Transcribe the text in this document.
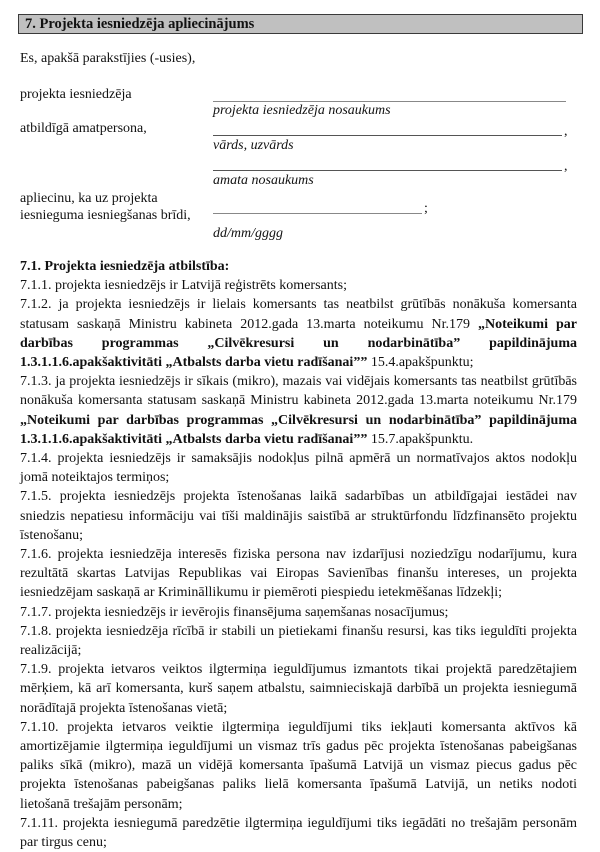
7. Projekta iesniedzēja apliecinājums
Es, apakšā parakstījies (-usies),
projekta iesniedzēja
atbildīgā amatpersona,
apliecinu, ka uz projekta
iesnieguma iesniegšanas brīdi,
projekta iesniedzēja nosaukums
,
vārds, uzvārds
,
amata nosaukums
;
dd/mm/gggg

7.1. Projekta iesniedzēja atbilstība:

7.1.1. projekta iesniedzējs ir Latvijā reģistrēts komersants;

7.1.2. ja projekta iesniedzējs ir lielais komersants tas neatbilst grūtībās nonākuša komersanta statusam saskaņā Ministru kabineta 2012.gada 13.marta noteikumu Nr.179 „Noteikumi par darbības programmas „Cilvēkresursi un nodarbinātība” papildinājuma 1.3.1.1.6.apakšaktivitāti „Atbalsts darba vietu radīšanai”” 15.4.apakšpunktu;

7.1.3. ja projekta iesniedzējs ir sīkais (mikro), mazais vai vidējais komersants tas neatbilst grūtībās nonākuša komersanta statusam saskaņā Ministru kabineta 2012.gada 13.marta noteikumu Nr.179 „Noteikumi par darbības programmas „Cilvēkresursi un nodarbinātība” papildinājuma 1.3.1.1.6.apakšaktivitāti „Atbalsts darba vietu radīšanai”” 15.7.apakšpunktu.

7.1.4. projekta iesniedzējs ir samaksājis nodokļus pilnā apmērā un normatīvajos aktos nodokļu jomā noteiktajos termiņos;

7.1.5. projekta iesniedzējs projekta īstenošanas laikā sadarbības un atbildīgajai iestādei nav sniedzis nepatiesu informāciju vai tīši maldinājis saistībā ar struktūrfondu līdzfinansēto projektu īstenošanu;

7.1.6. projekta iesniedzēja interesēs fiziska persona nav izdarījusi noziedzīgu nodarījumu, kura rezultātā skartas Latvijas Republikas vai Eiropas Savienības finanšu intereses, un projekta iesniedzējam saskaņā ar Krimināllikumu ir piemēroti piespiedu ietekmēšanas līdzekļi;

7.1.7. projekta iesniedzējs ir ievērojis finansējuma saņemšanas nosacījumus;

7.1.8. projekta iesniedzēja rīcībā ir stabili un pietiekami finanšu resursi, kas tiks ieguldīti projekta realizācijā;

7.1.9. projekta ietvaros veiktos ilgtermiņa ieguldījumus izmantots tikai projektā paredzētajiem mērķiem, kā arī komersanta, kurš saņem atbalstu, saimnieciskajā darbībā un projekta iesniegumā norādītajā projekta īstenošanas vietā;

7.1.10. projekta ietvaros veiktie ilgtermiņa ieguldījumi tiks iekļauti komersanta aktīvos kā amortizējamie ilgtermiņa ieguldījumi un vismaz trīs gadus pēc projekta īstenošanas pabeigšanas paliks sīkā (mikro), mazā un vidējā komersanta īpašumā Latvijā un vismaz piecus gadus pēc projekta īstenošanas pabeigšanas paliks lielā komersanta īpašumā Latvijā, un netiks nodoti lietošanā trešajām personām;

7.1.11. projekta iesniegumā paredzētie ilgtermiņa ieguldījumi tiks iegādāti no trešajām personām par tirgus cenu;
